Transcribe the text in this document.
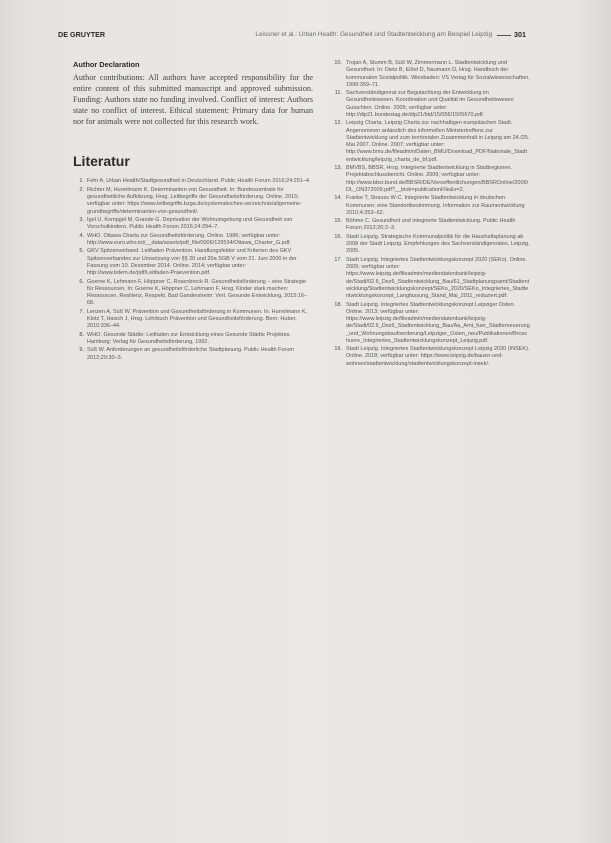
DE GRUYTER	Leissner et al.: Urban Health: Gesundheit und Stadtentwicklung am Beispiel Leipzig	301

Author Declaration

Author contributions: All authors have accepted responsibility for the entire content of this submitted manuscript and approved submission. Funding: Authors state no funding involved. Conflict of interest: Authors state no conflict of interest. Ethical statement: Primary data for human nor for animals were not collected for this research work.

Literatur
1. Fehr A, Urban Health/Stadtgesundheit in Deutschland. Public Health Forum 2016;24:251–4.
2. Richter M, Hurrelmann K. Determinanten von Gesundheit. In: Bundeszentrale für gesundheitliche Aufklärung, Hrsg. Leitbegriffe der Gesundheitsförderung. Online. 2015; verfügbar unter: https://www.leitbegriffe.bzga.de/systematisches-verzeichnis/allgemeine-grundbegriffe/determinanten-von-gesundheit/.
3. Igel U, Kompgel M, Grande G. Deprivation der Wohnumgebung und Gesundheit von Vorschulkindern. Public Health Forum 2016;24:294–7.
4. WHO. Ottawa Charta zur Gesundheitsförderung. Online. 1986; verfügbar unter: http://www.euro.who.int/__data/assets/pdf_file/0006/129534/Ottawa_Charter_G.pdf.
5. GKV Spitzenverband. Leitfaden Prävention. Handlungsfelder und Kriterien des GKV Spitzenverbandes zur Umsetzung von §§ 20 und 20a SGB V vom 21. Juni 2000 in der Fassung vom 10. Dezember 2014. Online. 2014; verfügbar unter: http://www.bdem.de/pdf/Leitfaden-Praevention.pdf.
6. Goerne K, Lehmann F, Höppner C, Rosenbrock R. Gesundheitsförderung – eine Strategie für Ressourcen. In: Goerne K, Höppner C, Lehmann F, Hrsg. Kinder stark machen: Ressourcen, Resilienz, Respekt. Bad Gandersheim: Verl. Gesunde Entwicklung, 2015:16–68.
7. Lenzen A, Süß W. Prävention und Gesundheitsförderung in Kommunen. In: Hurrelmann K, Klotz T, Haisch J, Hrsg. Lehrbuch Prävention und Gesundheitsförderung. Bern: Huber, 2010:336–44.
8. WHO. Gesunde Städte: Leitfaden zur Entwicklung eines Gesunde Städte Projektes. Hamburg: Verlag für Gesundheitsförderung, 1992.
9. Süß W. Anforderungen an gesundheitsförderliche Stadtplanung. Public Health Forum 2012;20:30–3.
10. Trojan A, Stumm B, Süß W, Zimmermann L. Stadtentwicklung und Gesundheit. In: Dietz B, Eißel D, Naumann D, Hrsg. Handbuch der kommunalen Sozialpolitik. Wiesbaden: VS Verlag für Sozialwissenschaften, 1999:359–71.
11. Sachverständigenrat zur Begutachtung der Entwicklung im Gesundheitswesen. Koordination und Qualität im Gesundheitswesen Gutachten. Online. 2005; verfügbar unter: http://dip21.bundestag.de/dip21/btd/15/056/1505670.pdf.
12. Leipzig Charta. Leipzig Charta zur nachhaltigen europäischen Stadt. Angenommen anlässlich des informellen Ministertreffens zur Stadtentwicklung und zum territorialen Zusammenhalt in Leipzig am 24./25. Mai 2007. Online. 2007; verfügbar unter: http://www.bmu.de/fileadmin/Daten_BMU/Download_PDF/Nationale_Stadtentwicklung/leipzig_charta_de_bf.pdf.
13. BMVBS, BBSR, Hrsg. Integrierte Stadtentwicklung in Stadtregionen. Projektabschlussbericht. Online. 2009; verfügbar unter: http://www.bbsr.bund.de/BBSR/DE/Veroeffentlichungen/BBSROnline/2009/DL_ON372009.pdf?__blob=publicationFile&v=2.
14. Franke T, Strauss W-C. Integrierte Stadtentwicklung in deutschen Kommunen: eine Standortbestimmung. Information zur Raumentwicklung 2010;4:253–62.
15. Böhme C. Gesundheit und integrierte Stadtentwicklung. Public Health Forum 2012;20:2–3.
16. Stadt Leipzig. Strategische Kommunalpolitik für die Haushaltsplanung ab 2008 der Stadt Leipzig. Empfehlungen des Sachverständigenrates. Leipzig, 2005.
17. Stadt Leipzig. Integriertes Stadtentwicklungskonzept 2020 (SEKo). Online. 2009; verfügbar unter: https://www.leipzig.de/fileadmin/mediendatenbank/leipzig-de/Stadt/02.6_Dez6_Stadtentwicklung_Bau/61_Stadtplanungsamt/Stadtentwicklung/Stadtentwicklungskonzept/SEKo_2020/SEKo_Integriertes_Stadtentwicklungskonzept_Langfassung_Stand_Mai_2011_reduziert.pdf.
18. Stadt Leipzig. Integriertes Stadtentwicklungskonzept Leipziger Osten. Online. 2013; verfügbar unter: https://www.leipzig.de/fileadmin/mediendatenbank/leipzig-de/Stadt/02.6_Dez6_Stadtentwicklung_Bau/Aa_Amt_fuer_Stadterneuerung_und_Wohnungsbaufoerderung/Leipziger_Osten_neu/Publikationen/Broschuere_Integriertes_Stadtentwicklungskonzept_Leipzig.pdf.
19. Stadt Leipzig. Integriertes Stadtentwicklungskonzept Leipzig 2030 (INSEK). Online. 2018; verfügbar unter: https://www.leipzig.de/bauen-und-wohnen/stadtentwicklung/stadtentwicklungskonzept-insek/.
